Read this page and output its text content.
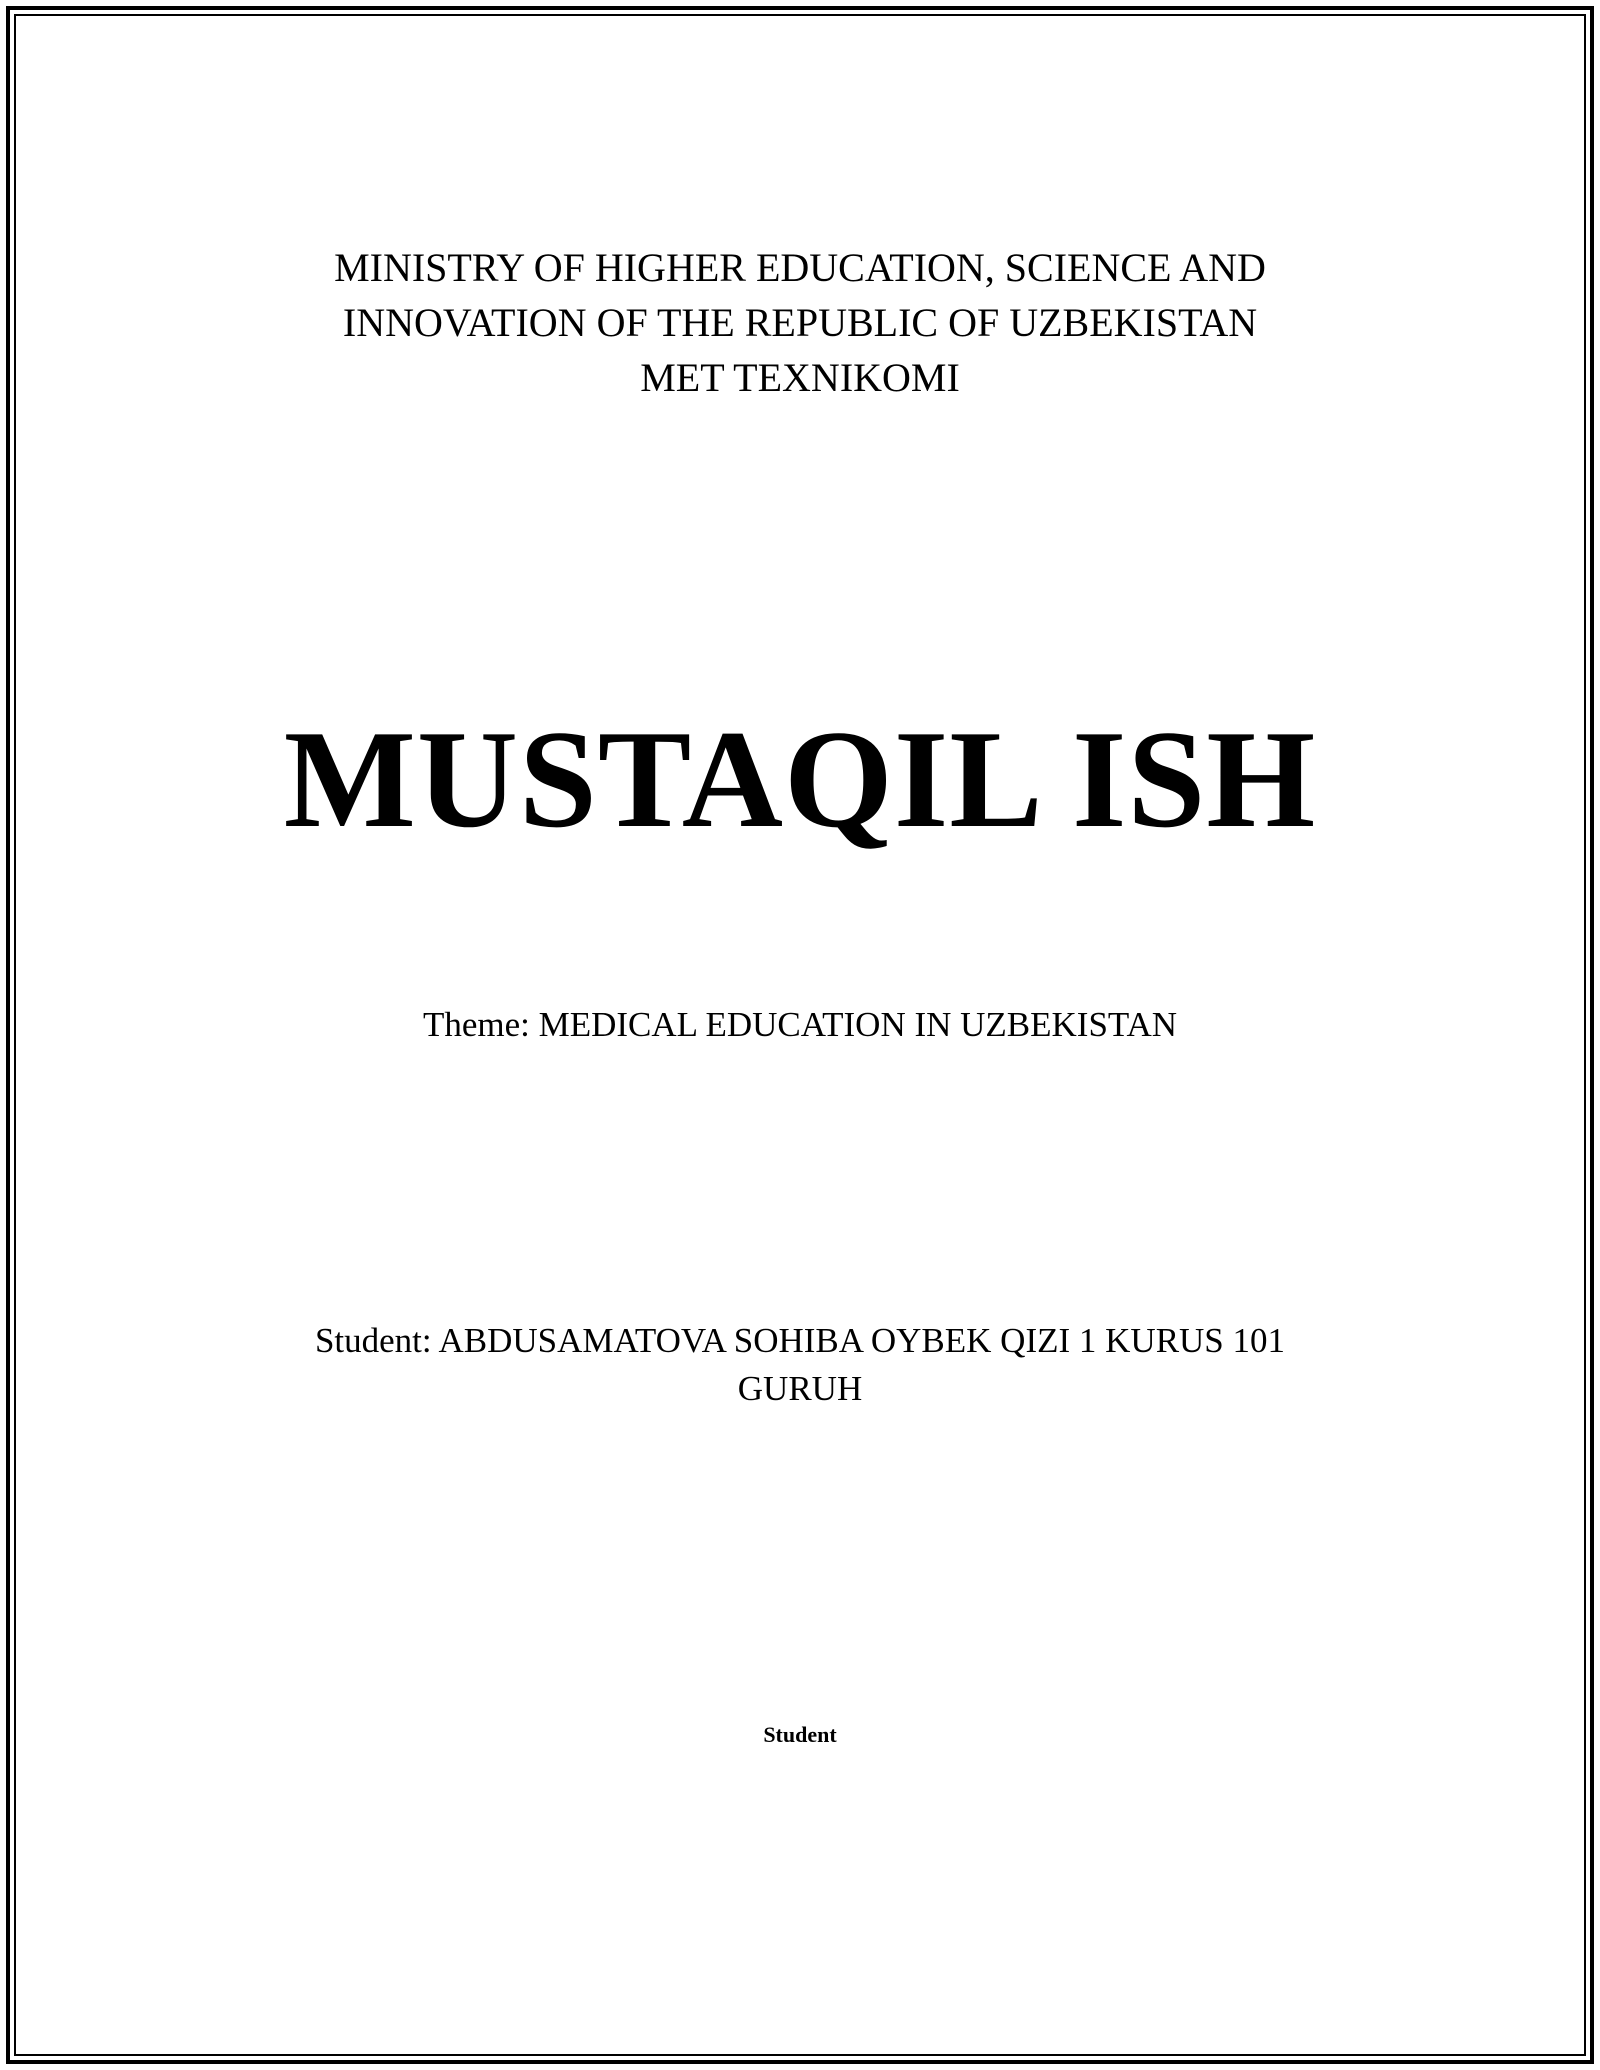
MINISTRY OF HIGHER EDUCATION, SCIENCE AND
INNOVATION OF THE REPUBLIC OF UZBEKISTAN
MET TEXNIKOMI
MUSTAQIL ISH
Theme: MEDICAL EDUCATION IN UZBEKISTAN
Student: ABDUSAMATOVA SOHIBA OYBEK QIZI 1 KURUS 101
GURUH
Student
